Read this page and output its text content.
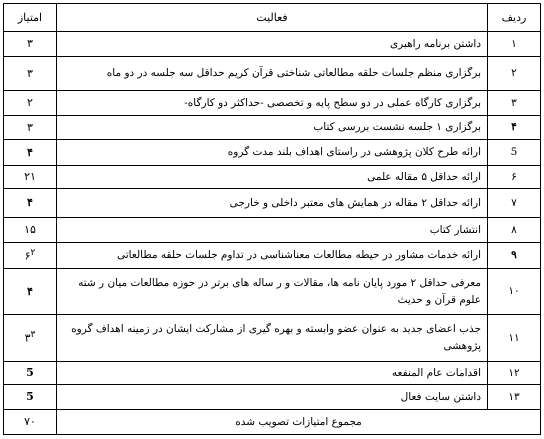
ردیف	فعالیت	امتیاز
۱	داشتن برنامه راهبری	۳
۲	برگزاری منظم جلسات حلقه مطالعاتی شناختی قرآن کریم حداقل سه جلسه در دو ماه	۳
۳	برگزاری کارگاه عملی در دو سطح پایه و تخصصی -حداکثر دو کارگاه-	۲
۴	برگزاری ۱ جلسه نشست بررسی کتاب	۳
5	ارائه طرح کلان پژوهشی در راستای اهداف بلند مدت گروه	۴
۶	ارائه حداقل ۵ مقاله علمی	۲۱
۷	ارائه حداقل ۲ مقاله در همایش های معتبر داخلی و خارجی	۴
۸	انتشار کتاب	۱۵
۹	ارائه خدمات مشاور در حیطه مطالعات معناشناسی در تداوم جلسات حلقه مطالعاتی	$۶^۲$
۱۰	معرفی حداقل ۲ مورد پایان نامه ها، مقالات و ر ساله های برتر در حوزه مطالعات میان ر شته علوم قرآن و حدیث	۴
۱۱	جذب اعضای جدید به عنوان عضو وابسته و بهره گیری از مشارکت ایشان در زمینه اهداف گروه پژوهشی	$۳^۳$
۱۲	اقدامات عام المنفعه	5
۱۳	داشتن سایت فعال	5
مجموع امتیازات تصویب شده		۷۰
